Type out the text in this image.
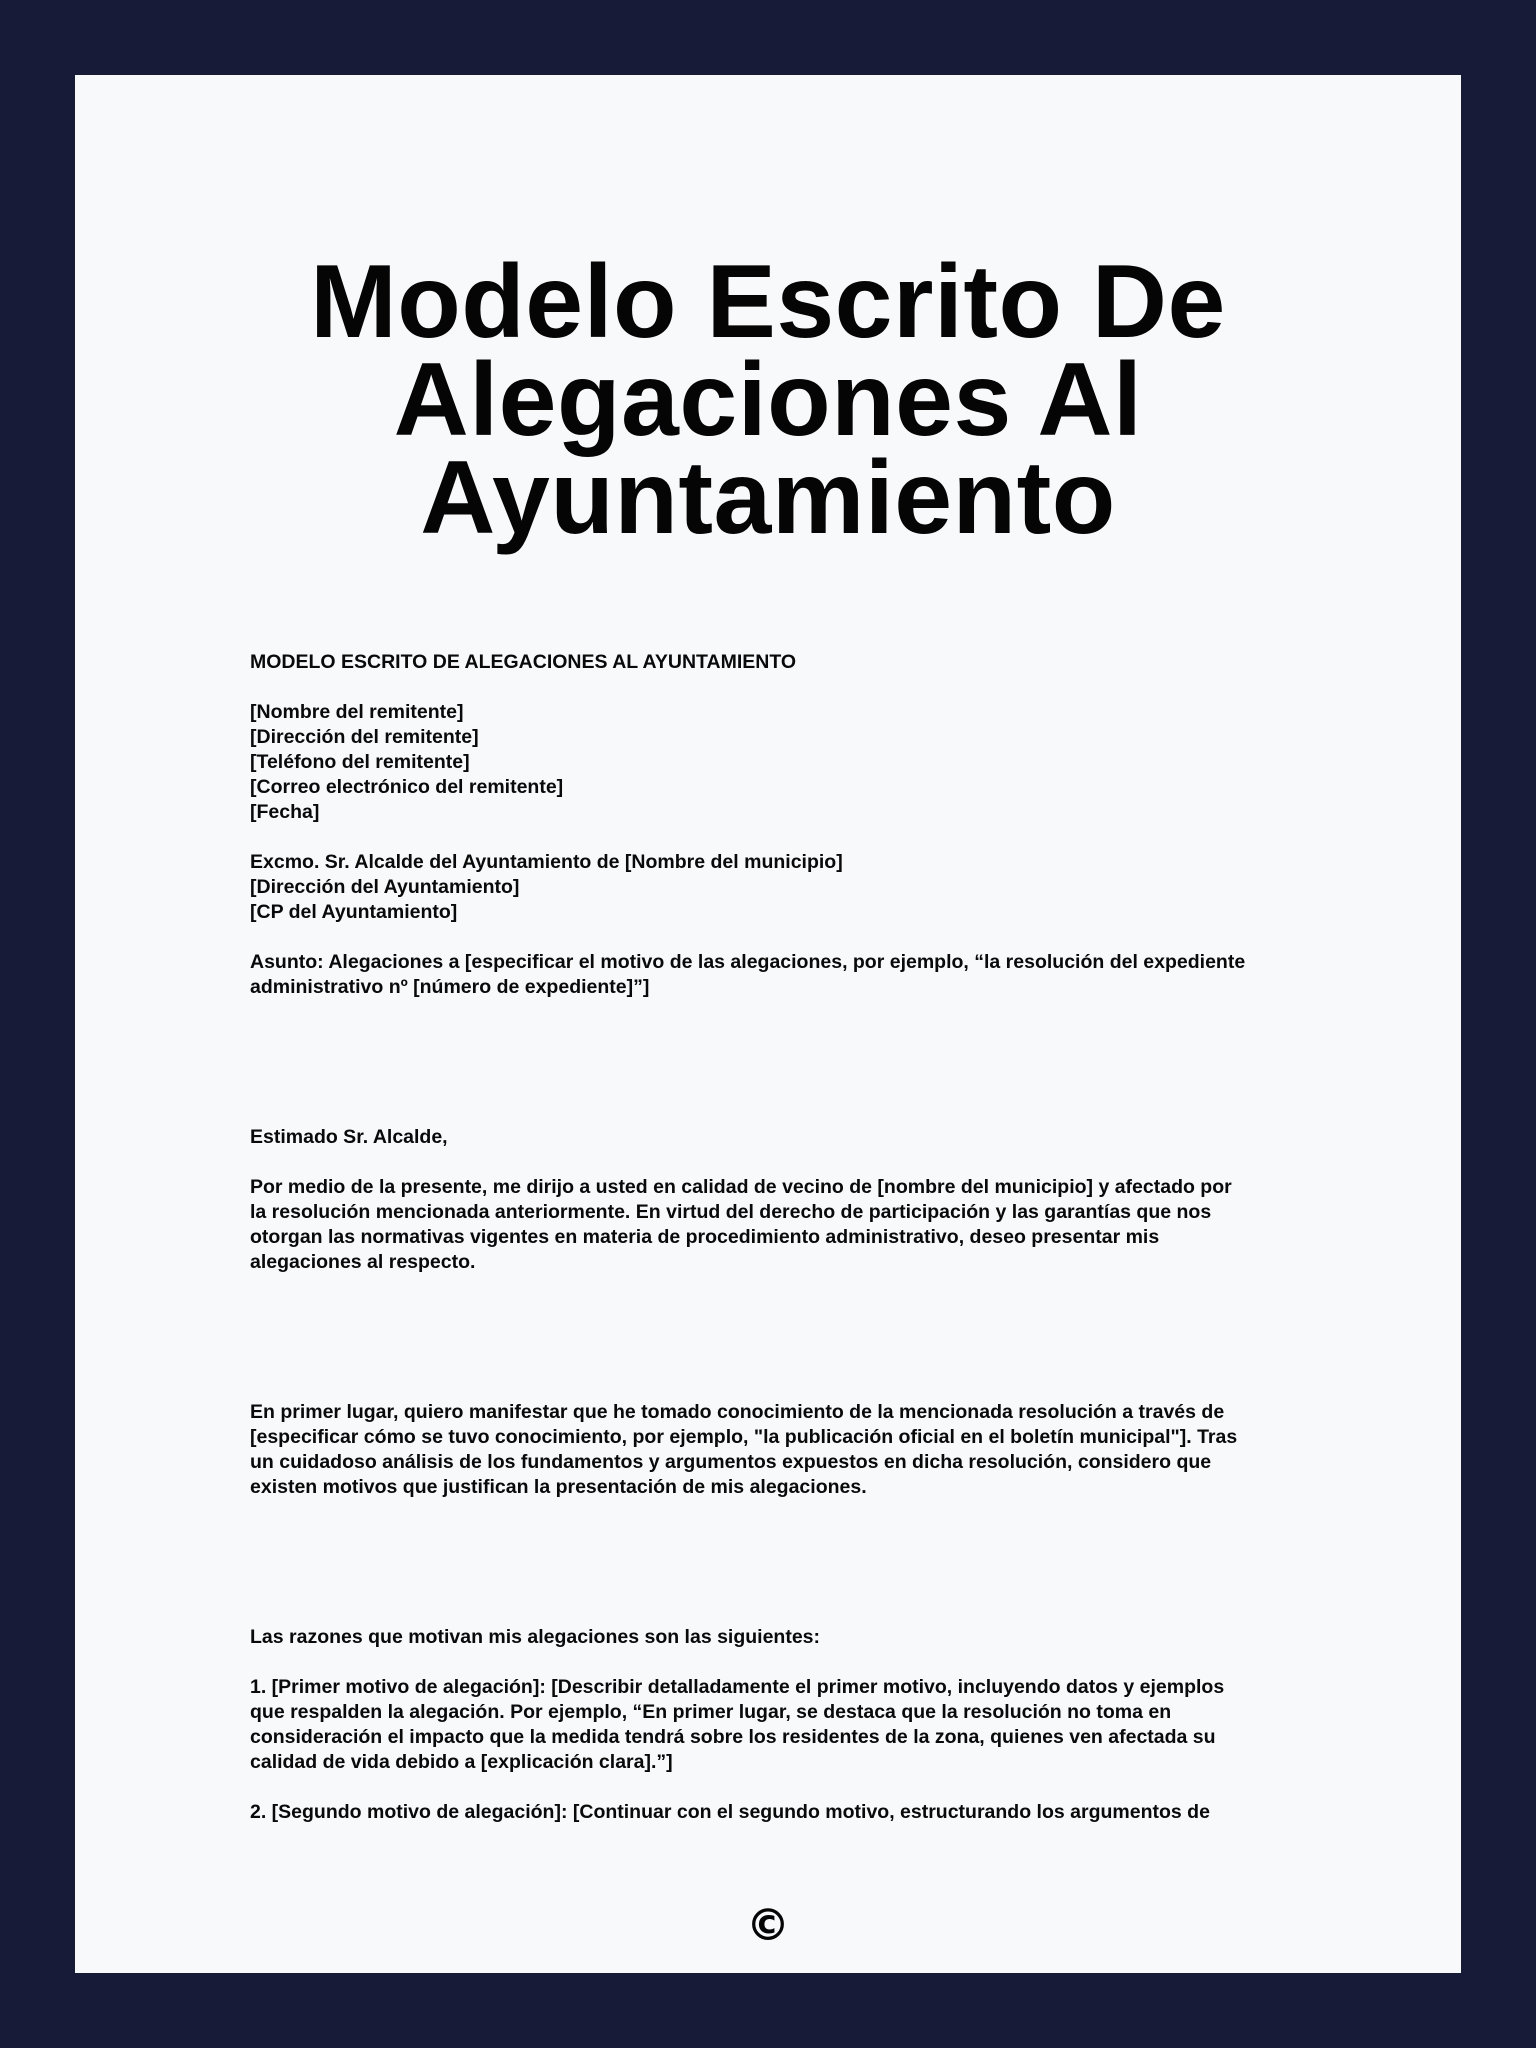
Modelo Escrito De
Alegaciones Al
Ayuntamiento

MODELO ESCRITO DE ALEGACIONES AL AYUNTAMIENTO

[Nombre del remitente]
[Dirección del remitente]
[Teléfono del remitente]
[Correo electrónico del remitente]
[Fecha]

Excmo. Sr. Alcalde del Ayuntamiento de [Nombre del municipio]
[Dirección del Ayuntamiento]
[CP del Ayuntamiento]

Asunto: Alegaciones a [especificar el motivo de las alegaciones, por ejemplo, “la resolución del expediente
administrativo nº [número de expediente]”]

Estimado Sr. Alcalde,

Por medio de la presente, me dirijo a usted en calidad de vecino de [nombre del municipio] y afectado por
la resolución mencionada anteriormente. En virtud del derecho de participación y las garantías que nos
otorgan las normativas vigentes en materia de procedimiento administrativo, deseo presentar mis
alegaciones al respecto.

En primer lugar, quiero manifestar que he tomado conocimiento de la mencionada resolución a través de
[especificar cómo se tuvo conocimiento, por ejemplo, "la publicación oficial en el boletín municipal"]. Tras
un cuidadoso análisis de los fundamentos y argumentos expuestos en dicha resolución, considero que
existen motivos que justifican la presentación de mis alegaciones.

Las razones que motivan mis alegaciones son las siguientes:

1. [Primer motivo de alegación]: [Describir detalladamente el primer motivo, incluyendo datos y ejemplos
que respalden la alegación. Por ejemplo, “En primer lugar, se destaca que la resolución no toma en
consideración el impacto que la medida tendrá sobre los residentes de la zona, quienes ven afectada su
calidad de vida debido a [explicación clara].”]

2. [Segundo motivo de alegación]: [Continuar con el segundo motivo, estructurando los argumentos de

©
